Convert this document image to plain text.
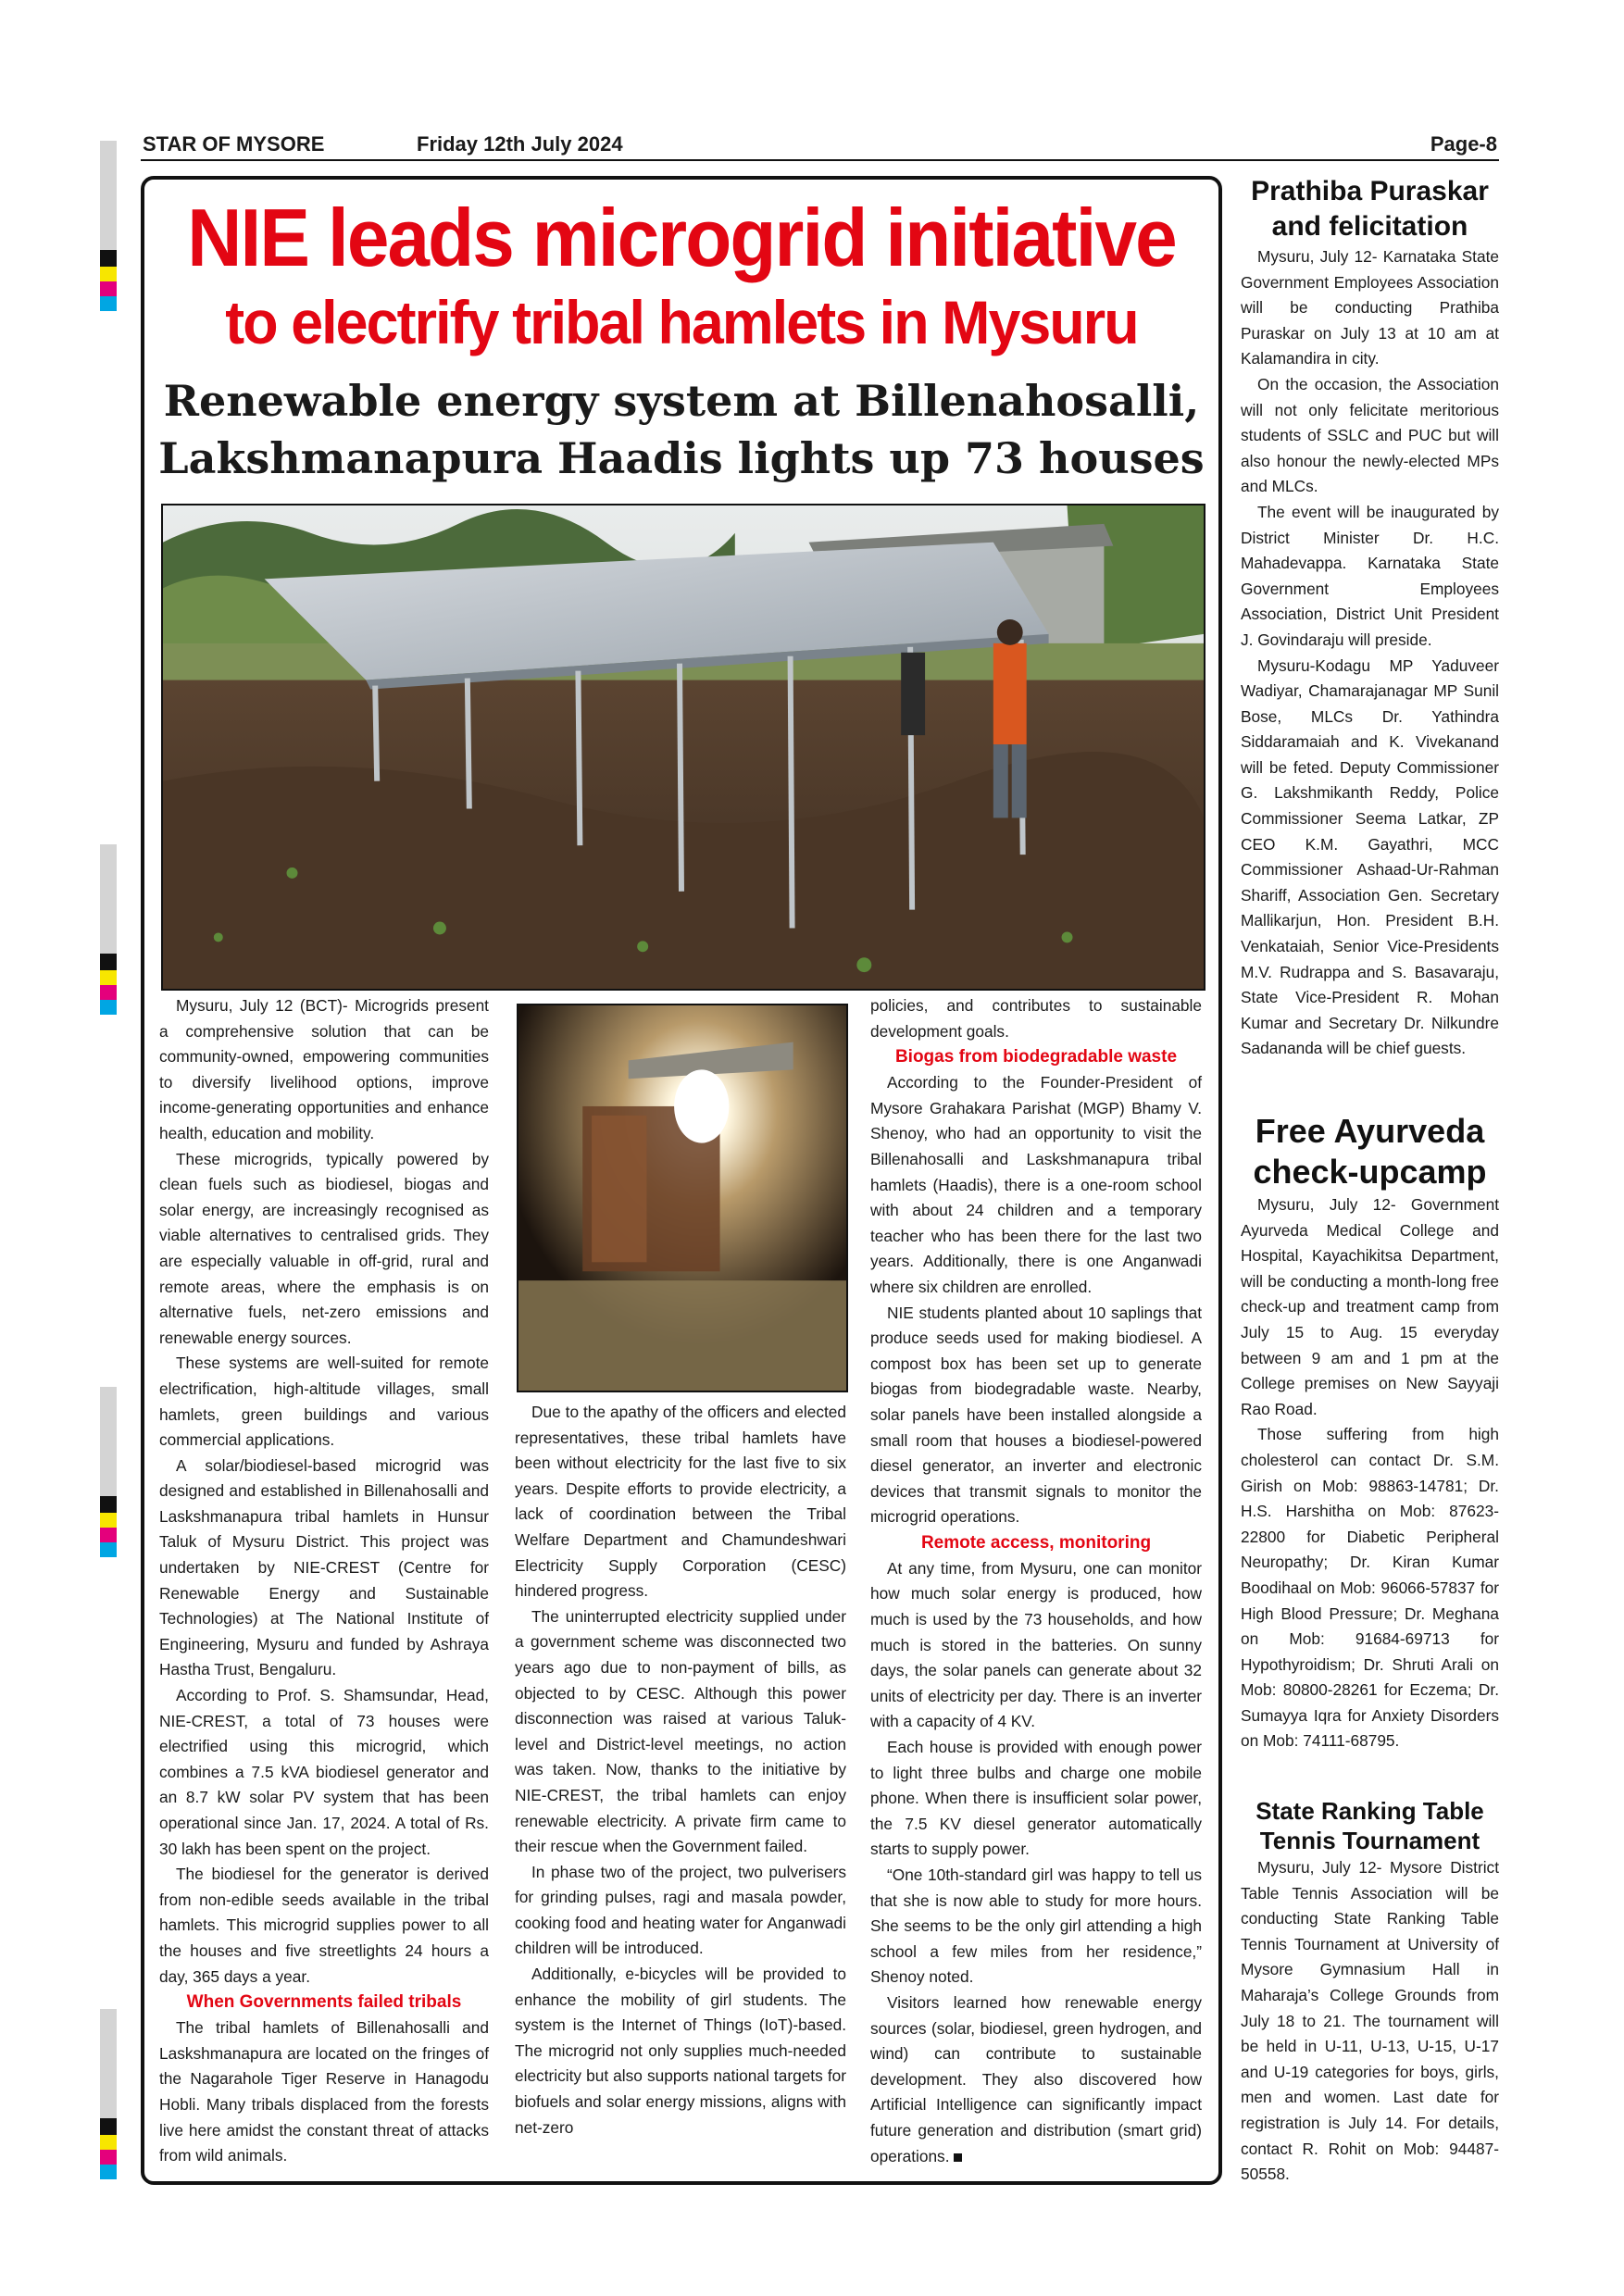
STAR OF MYSORE	Friday 12th July 2024	Page-8
NIE leads microgrid initiative
to electrify tribal hamlets in Mysuru
Renewable energy system at Billenahosalli,
Lakshmanapura Haadis lights up 73 houses

Mysuru, July 12 (BCT)- Microgrids present a comprehensive solution that can be community-owned, empowering communities to diversify livelihood options, improve income-generating opportunities and enhance health, education and mobility.

These microgrids, typically powered by clean fuels such as biodiesel, biogas and solar energy, are increasingly recognised as viable alternatives to centralised grids. They are especially valuable in off-grid, rural and remote areas, where the emphasis is on alternative fuels, net-zero emissions and renewable energy sources.

These systems are well-suited for remote electrification, high-altitude villages, small hamlets, green buildings and various commercial applications.

A solar/biodiesel-based microgrid was designed and established in Billenahosalli and Laskshmanapura tribal hamlets in Hunsur Taluk of Mysuru District. This project was undertaken by NIE-CREST (Centre for Renewable Energy and Sustainable Technologies) at The National Institute of Engineering, Mysuru and funded by Ashraya Hastha Trust, Bengaluru.

According to Prof. S. Shamsundar, Head, NIE-CREST, a total of 73 houses were electrified using this microgrid, which combines a 7.5 kVA biodiesel generator and an 8.7 kW solar PV system that has been operational since Jan. 17, 2024. A total of Rs. 30 lakh has been spent on the project.

The biodiesel for the generator is derived from non-edible seeds available in the tribal hamlets. This microgrid supplies power to all the houses and five streetlights 24 hours a day, 365 days a year.

When Governments failed tribals

The tribal hamlets of Billenahosalli and Laskshmanapura are located on the fringes of the Nagarahole Tiger Reserve in Hanagodu Hobli. Many tribals displaced from the forests live here amidst the constant threat of attacks from wild animals.

Due to the apathy of the officers and elected representatives, these tribal hamlets have been without electricity for the last five to six years. Despite efforts to provide electricity, a lack of coordination between the Tribal Welfare Department and Chamundeshwari Electricity Supply Corporation (CESC) hindered progress.

The uninterrupted electricity supplied under a government scheme was disconnected two years ago due to non-payment of bills, as objected to by CESC. Although this power disconnection was raised at various Taluk-level and District-level meetings, no action was taken. Now, thanks to the initiative by NIE-CREST, the tribal hamlets can enjoy renewable electricity. A private firm came to their rescue when the Government failed.

In phase two of the project, two pulverisers for grinding pulses, ragi and masala powder, cooking food and heating water for Anganwadi children will be introduced.

Additionally, e-bicycles will be provided to enhance the mobility of girl students. The system is the Internet of Things (IoT)-based. The microgrid not only supplies much-needed electricity but also supports national targets for biofuels and solar energy missions, aligns with net-zero

policies, and contributes to sustainable development goals.

Biogas from biodegradable waste

According to the Founder-President of Mysore Grahakara Parishat (MGP) Bhamy V. Shenoy, who had an opportunity to visit the Billenahosalli and Laskshmanapura tribal hamlets (Haadis), there is a one-room school with about 24 children and a temporary teacher who has been there for the last two years. Additionally, there is one Anganwadi where six children are enrolled.

NIE students planted about 10 saplings that produce seeds used for making biodiesel. A compost box has been set up to generate biogas from biodegradable waste. Nearby, solar panels have been installed alongside a small room that houses a biodiesel-powered diesel generator, an inverter and electronic devices that transmit signals to monitor the microgrid operations.

Remote access, monitoring

At any time, from Mysuru, one can monitor how much solar energy is produced, how much is used by the 73 households, and how much is stored in the batteries. On sunny days, the solar panels can generate about 32 units of electricity per day. There is an inverter with a capacity of 4 KV.

Each house is provided with enough power to light three bulbs and charge one mobile phone. When there is insufficient solar power, the 7.5 KV diesel generator automatically starts to supply power.

“One 10th-standard girl was happy to tell us that she is now able to study for more hours. She seems to be the only girl attending a high school a few miles from her residence,” Shenoy noted.

Visitors learned how renewable energy sources (solar, biodiesel, green hydrogen, and wind) can contribute to sustainable development. They also discovered how Artificial Intelligence can significantly impact future generation and distribution (smart grid) operations.

Prathiba Puraskar
and felicitation

Mysuru, July 12- Karnataka State Government Employees Association will be conducting Prathiba Puraskar on July 13 at 10 am at Kalamandira in city.

On the occasion, the Association will not only felicitate meritorious students of SSLC and PUC but will also honour the newly-elected MPs and MLCs.

The event will be inaugurated by District Minister Dr. H.C. Mahadevappa. Karnataka State Government Employees Association, District Unit President J. Govindaraju will preside.

Mysuru-Kodagu MP Yaduveer Wadiyar, Chamarajanagar MP Sunil Bose, MLCs Dr. Yathindra Siddaramaiah and K. Vivekanand will be feted. Deputy Commissioner G. Lakshmikanth Reddy, Police Commissioner Seema Latkar, ZP CEO K.M. Gayathri, MCC Commissioner Ashaad-Ur-Rahman Shariff, Association Gen. Secretary Mallikarjun, Hon. President B.H. Venkataiah, Senior Vice-Presidents M.V. Rudrappa and S. Basavaraju, State Vice-President R. Mohan Kumar and Secretary Dr. Nilkundre Sadananda will be chief guests.

Free Ayurveda
check-upcamp

Mysuru, July 12- Government Ayurveda Medical College and Hospital, Kayachikitsa Department, will be conducting a month-long free check-up and treatment camp from July 15 to Aug. 15 everyday between 9 am and 1 pm at the College premises on New Sayyaji Rao Road.

Those suffering from high cholesterol can contact Dr. S.M. Girish on Mob: 98863-14781; Dr. H.S. Harshitha on Mob: 87623-22800 for Diabetic Peripheral Neuropathy; Dr. Kiran Kumar Boodihaal on Mob: 96066-57837 for High Blood Pressure; Dr. Meghana on Mob: 91684-69713 for Hypothyroidism; Dr. Shruti Arali on Mob: 80800-28261 for Eczema; Dr. Sumayya Iqra for Anxiety Disorders on Mob: 74111-68795.

State Ranking Table
Tennis Tournament

Mysuru, July 12- Mysore District Table Tennis Association will be conducting State Ranking Table Tennis Tournament at University of Mysore Gymnasium Hall in Maharaja’s College Grounds from July 18 to 21. The tournament will be held in U-11, U-13, U-15, U-17 and U-19 categories for boys, girls, men and women. Last date for registration is July 14. For details, contact R. Rohit on Mob: 94487-50558.
